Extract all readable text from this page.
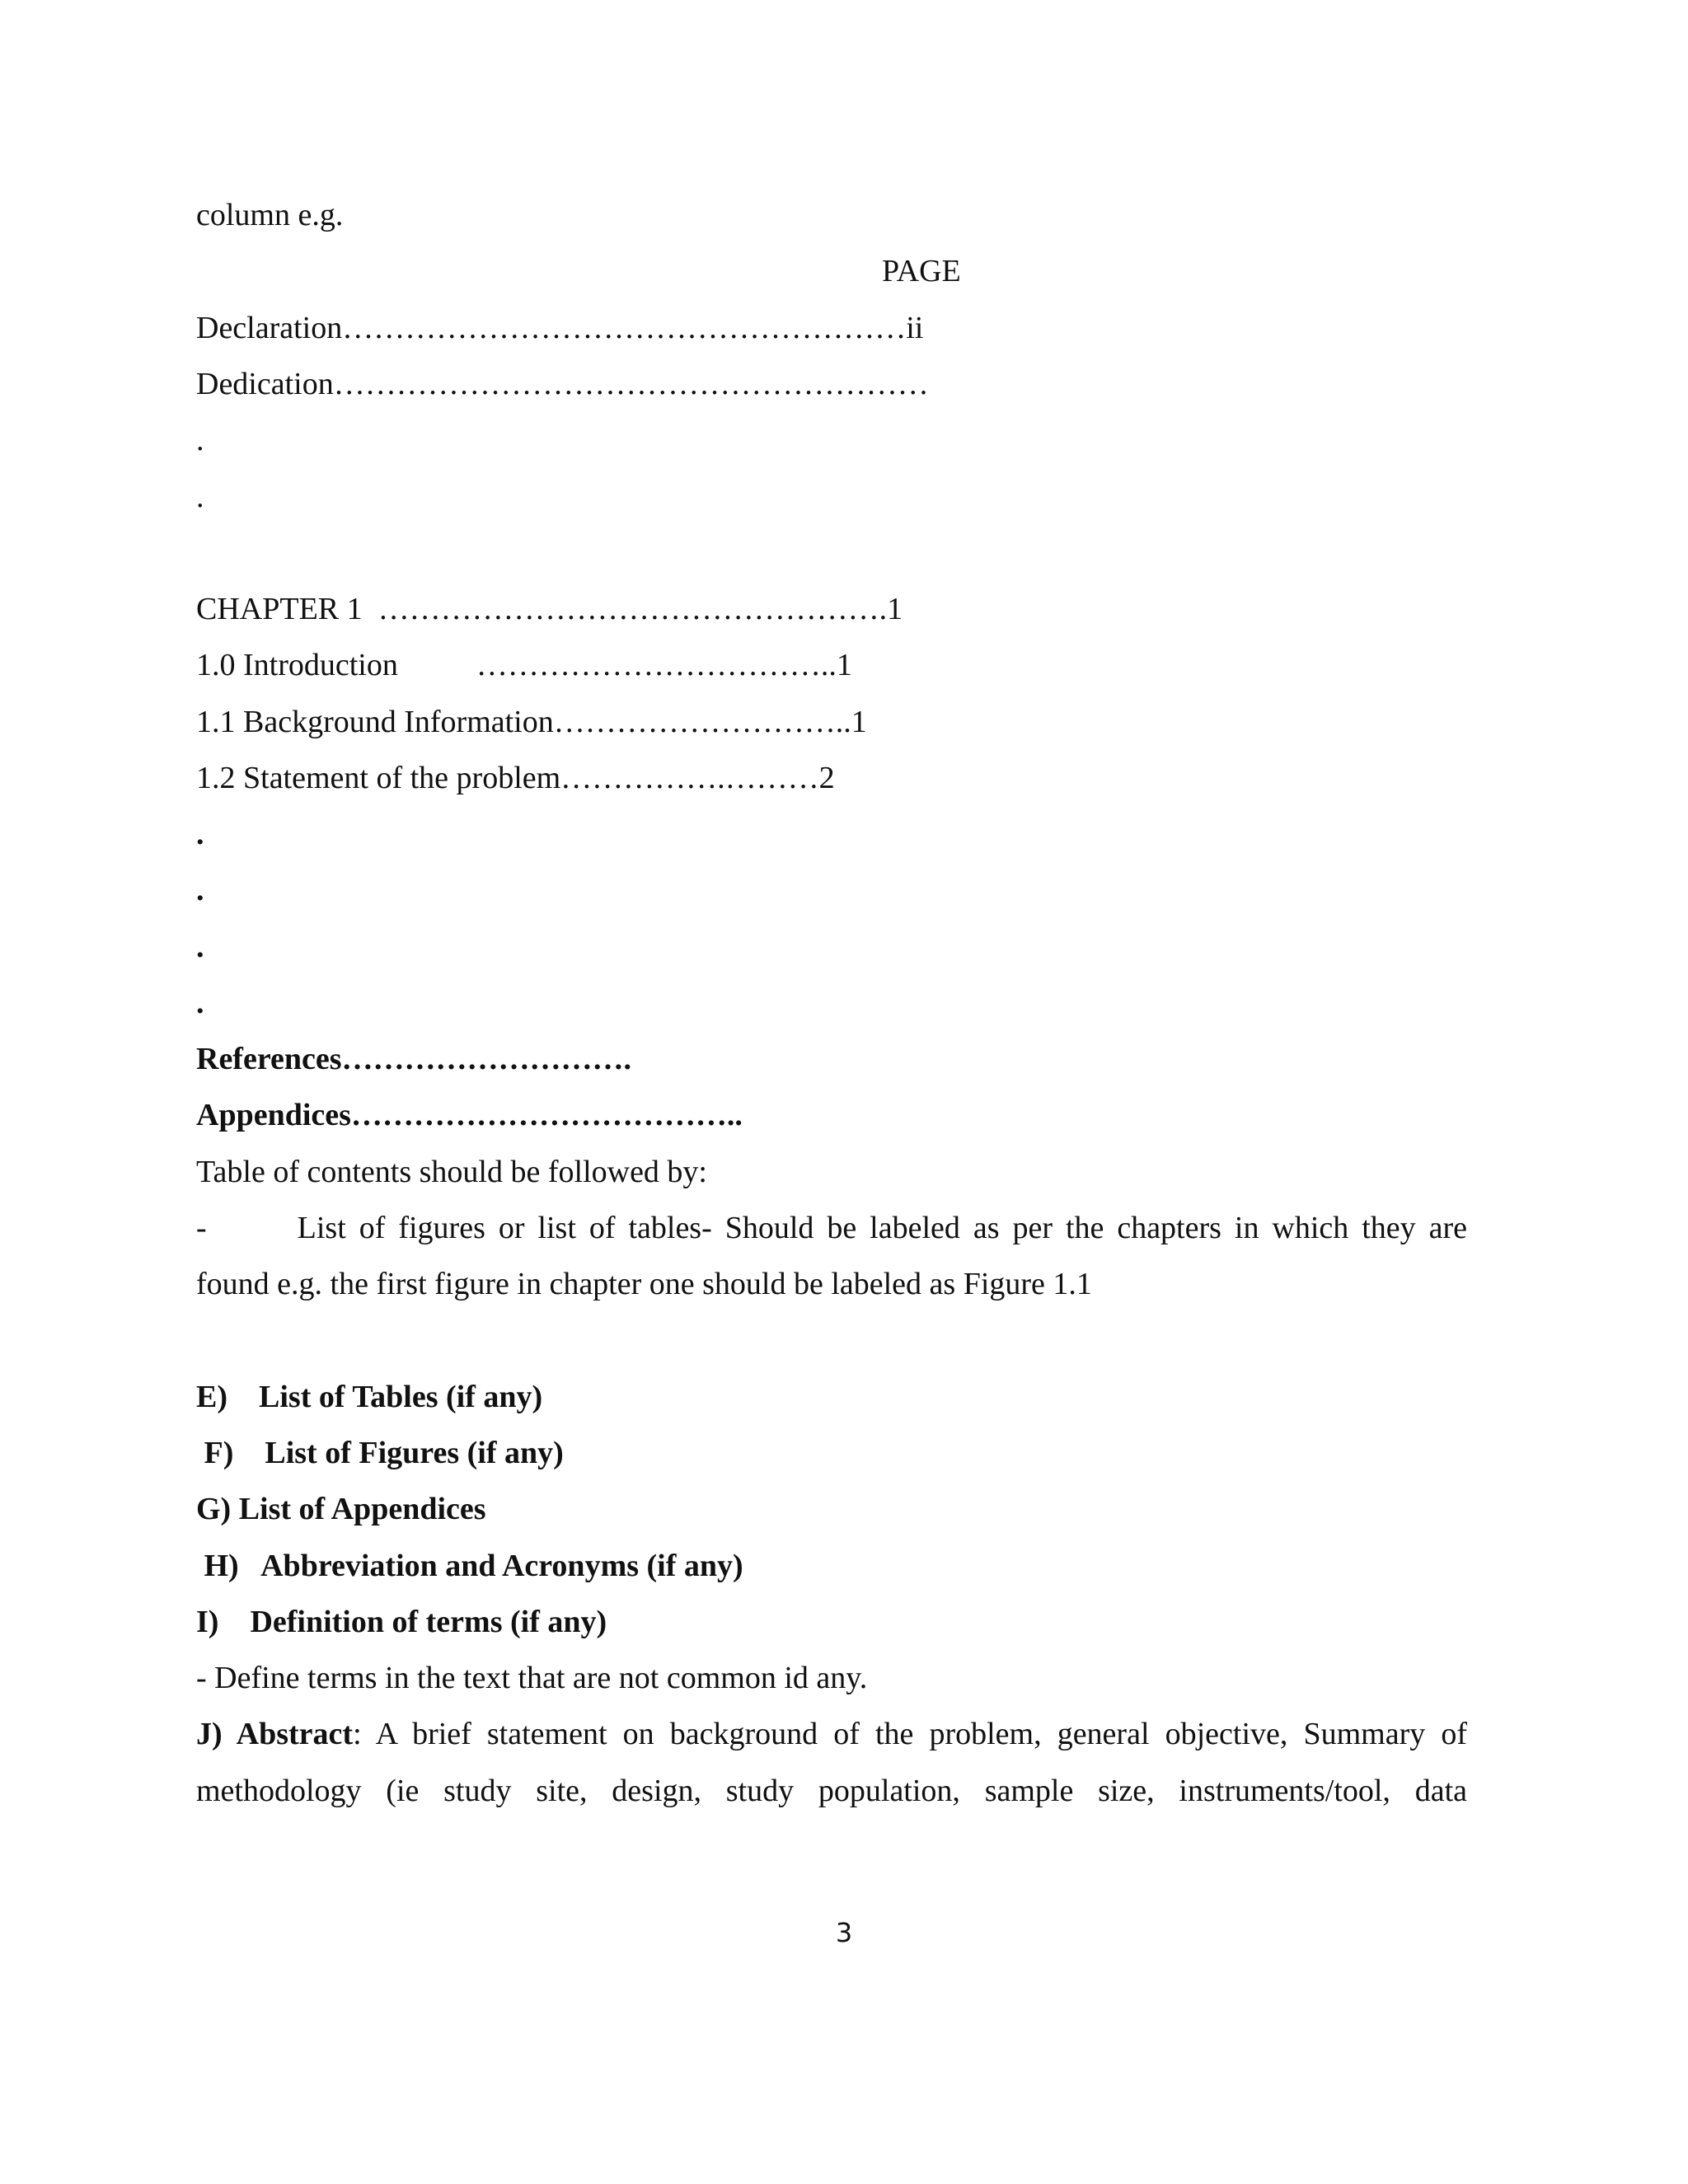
column e.g.
PAGE
Declaration………………………………………………ii
Dedication…………………………………………………
.
.
CHAPTER 1  ………………………………………….1
1.0 Introduction          ……………………………..1
1.1 Background Information………………………..1
1.2 Statement of the problem…………….………2
.
.
.
.
References……………………….
Appendices………………………………..
Table of contents should be followed by:
-	List of figures or list of tables- Should be labeled as per the chapters in which they are
found e.g. the first figure in chapter one should be labeled as Figure 1.1
E)    List of Tables (if any)
F)    List of Figures (if any)
G) List of Appendices
H)   Abbreviation and Acronyms (if any)
I)    Definition of terms (if any)
- Define terms in the text that are not common id any.
J) Abstract: A brief statement on background of the problem, general objective, Summary of
methodology (ie study site, design, study population, sample size, instruments/tool, data
3
